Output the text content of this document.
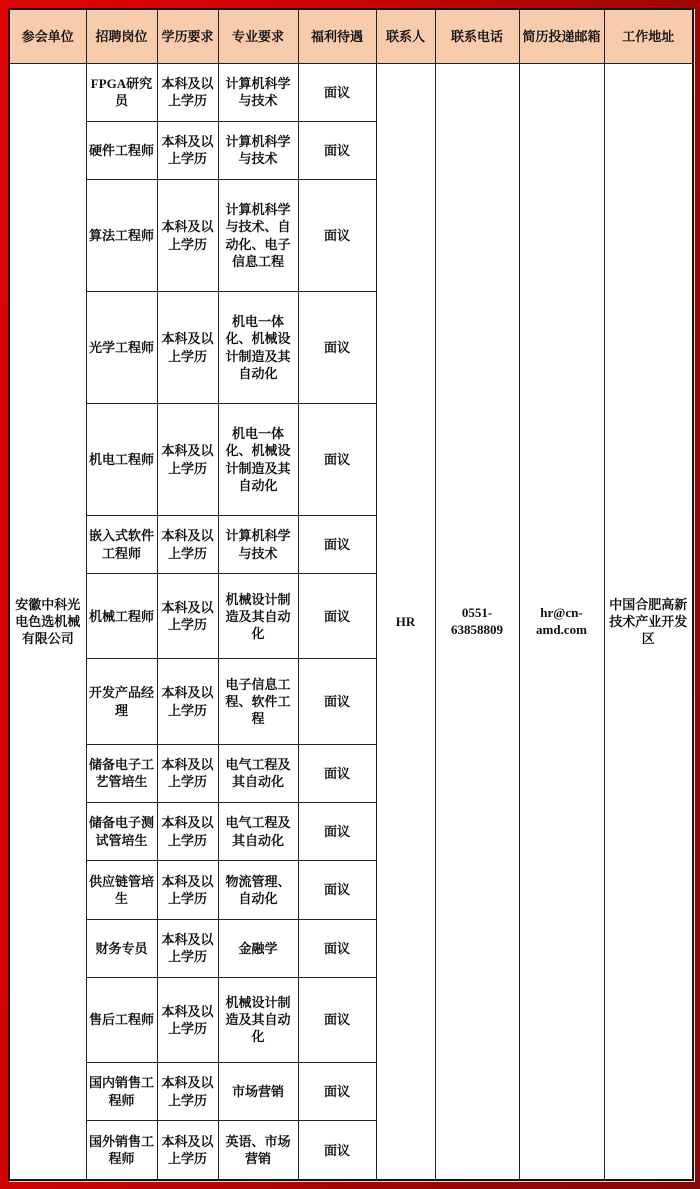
参会单位	招聘岗位	学历要求	专业要求	福利待遇	联系人	联系电话	简历投递邮箱	工作地址
安徽中科光电色选机械有限公司	FPGA研究员	本科及以上学历	计算机科学与技术	面议	HR	0551-63858809	hr@cn-amd.com	中国合肥高新技术产业开发区
	硬件工程师	本科及以上学历	计算机科学与技术	面议				
	算法工程师	本科及以上学历	计算机科学与技术、自动化、电子信息工程	面议				
	光学工程师	本科及以上学历	机电一体化、机械设计制造及其自动化	面议				
	机电工程师	本科及以上学历	机电一体化、机械设计制造及其自动化	面议				
	嵌入式软件工程师	本科及以上学历	计算机科学与技术	面议				
	机械工程师	本科及以上学历	机械设计制造及其自动化	面议				
	开发产品经理	本科及以上学历	电子信息工程、软件工程	面议				
	储备电子工艺管培生	本科及以上学历	电气工程及其自动化	面议				
	储备电子测试管培生	本科及以上学历	电气工程及其自动化	面议				
	供应链管培生	本科及以上学历	物流管理、自动化	面议				
	财务专员	本科及以上学历	金融学	面议				
	售后工程师	本科及以上学历	机械设计制造及其自动化	面议				
	国内销售工程师	本科及以上学历	市场营销	面议				
	国外销售工程师	本科及以上学历	英语、市场营销	面议				
